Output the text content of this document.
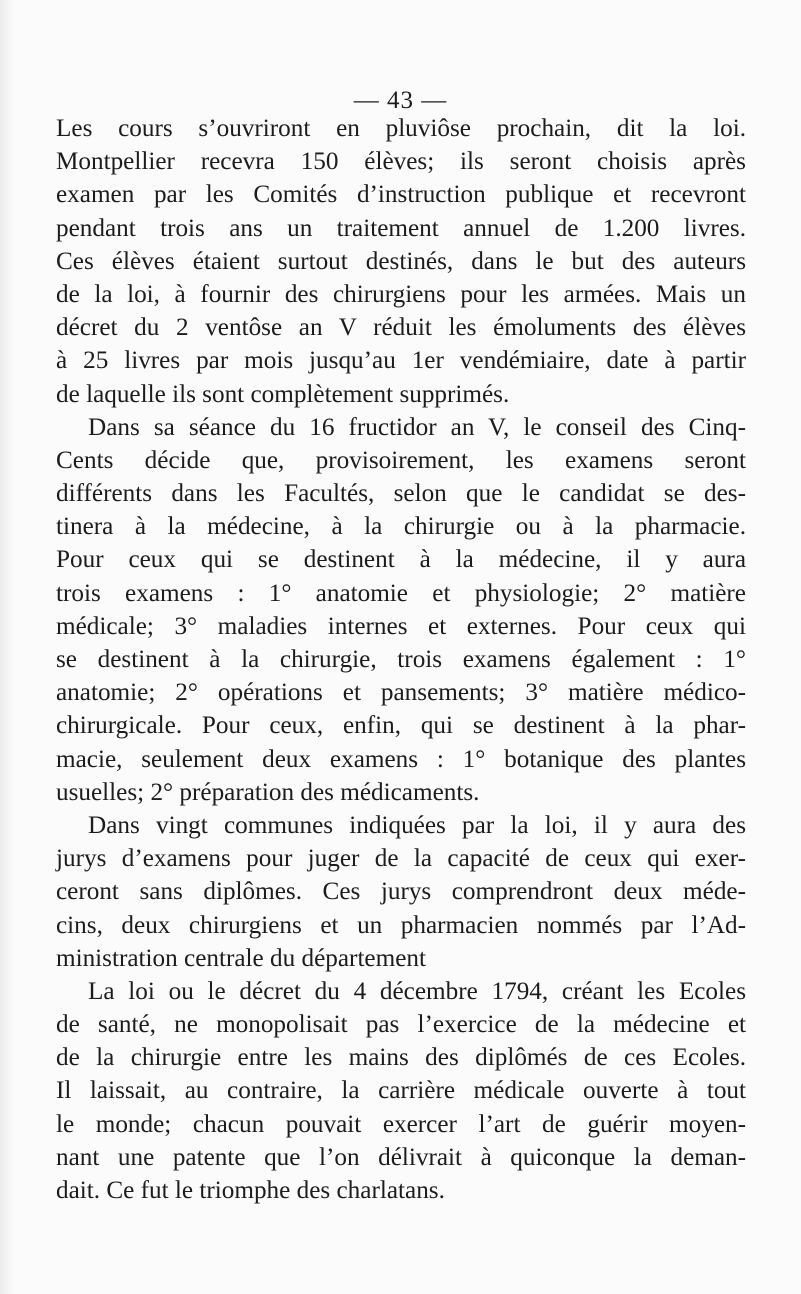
— 43 —
Les cours s’ouvriront en pluviôse prochain, dit la loi.
Montpellier recevra 150 élèves; ils seront choisis après
examen par les Comités d’instruction publique et recevront
pendant trois ans un traitement annuel de 1.200 livres.
Ces élèves étaient surtout destinés, dans le but des auteurs
de la loi, à fournir des chirurgiens pour les armées. Mais un
décret du 2 ventôse an V réduit les émoluments des élèves
à 25 livres par mois jusqu’au 1er vendémiaire, date à partir
de laquelle ils sont complètement supprimés.
Dans sa séance du 16 fructidor an V, le conseil des Cinq-
Cents décide que, provisoirement, les examens seront
différents dans les Facultés, selon que le candidat se des-
tinera à la médecine, à la chirurgie ou à la pharmacie.
Pour ceux qui se destinent à la médecine, il y aura
trois examens : 1° anatomie et physiologie; 2° matière
médicale; 3° maladies internes et externes. Pour ceux qui
se destinent à la chirurgie, trois examens également : 1°
anatomie; 2° opérations et pansements; 3° matière médico-
chirurgicale. Pour ceux, enfin, qui se destinent à la phar-
macie, seulement deux examens : 1° botanique des plantes
usuelles; 2° préparation des médicaments.
Dans vingt communes indiquées par la loi, il y aura des
jurys d’examens pour juger de la capacité de ceux qui exer-
ceront sans diplômes. Ces jurys comprendront deux méde-
cins, deux chirurgiens et un pharmacien nommés par l’Ad-
ministration centrale du département
La loi ou le décret du 4 décembre 1794, créant les Ecoles
de santé, ne monopolisait pas l’exercice de la médecine et
de la chirurgie entre les mains des diplômés de ces Ecoles.
Il laissait, au contraire, la carrière médicale ouverte à tout
le monde; chacun pouvait exercer l’art de guérir moyen-
nant une patente que l’on délivrait à quiconque la deman-
dait. Ce fut le triomphe des charlatans.
